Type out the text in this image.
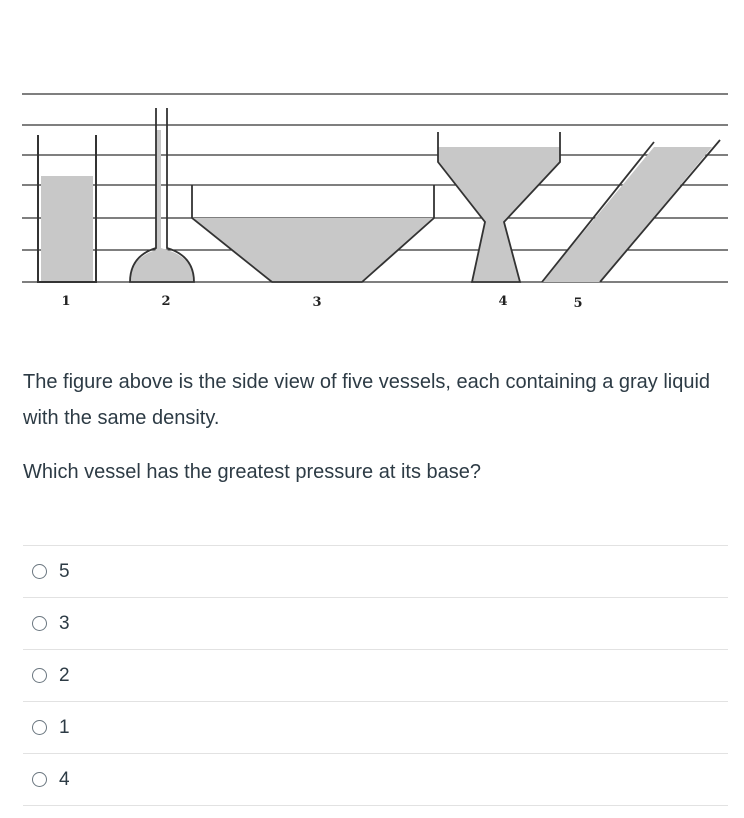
1	2	3	4	5

The figure above is the side view of five vessels, each containing a gray liquid with the same density.

Which vessel has the greatest pressure at its base?

5
3
2
1
4
